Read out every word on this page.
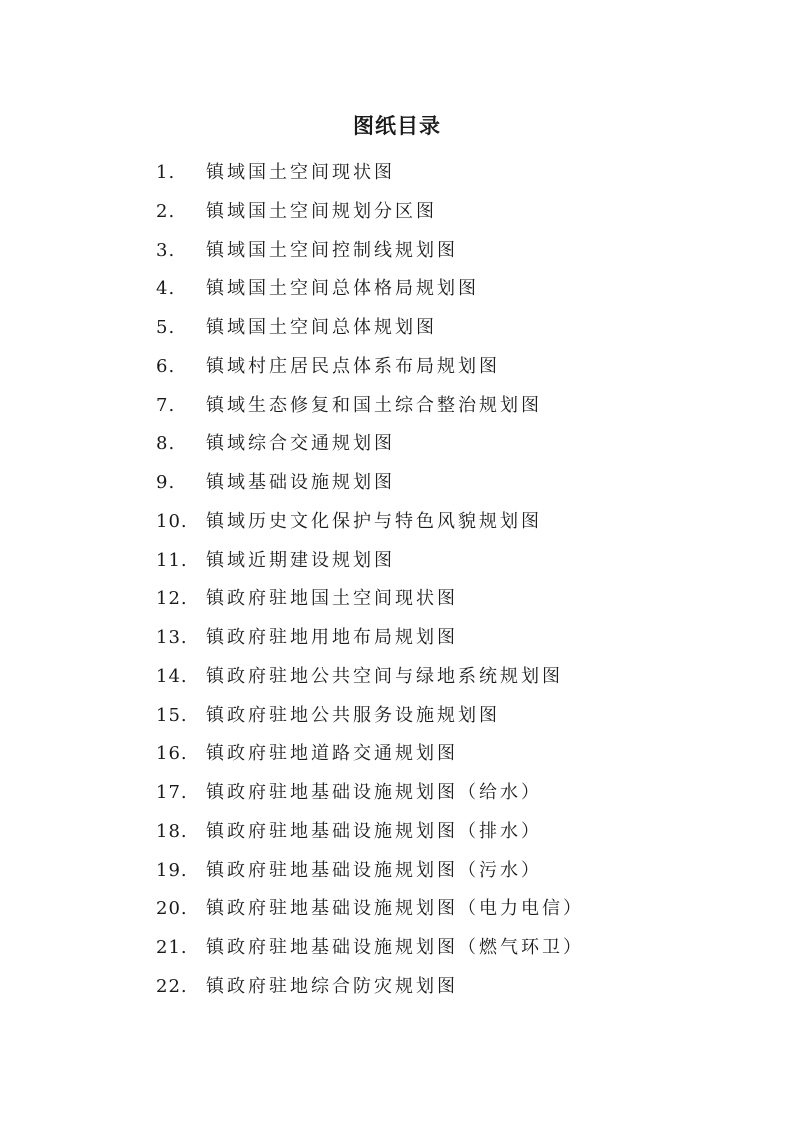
图纸目录
1.	镇域国土空间现状图
2.	镇域国土空间规划分区图
3.	镇域国土空间控制线规划图
4.	镇域国土空间总体格局规划图
5.	镇域国土空间总体规划图
6.	镇域村庄居民点体系布局规划图
7.	镇域生态修复和国土综合整治规划图
8.	镇域综合交通规划图
9.	镇域基础设施规划图
10.	镇域历史文化保护与特色风貌规划图
11.	镇域近期建设规划图
12.	镇政府驻地国土空间现状图
13.	镇政府驻地用地布局规划图
14.	镇政府驻地公共空间与绿地系统规划图
15.	镇政府驻地公共服务设施规划图
16.	镇政府驻地道路交通规划图
17.	镇政府驻地基础设施规划图（给水）
18.	镇政府驻地基础设施规划图（排水）
19.	镇政府驻地基础设施规划图（污水）
20.	镇政府驻地基础设施规划图（电力电信）
21.	镇政府驻地基础设施规划图（燃气环卫）
22.	镇政府驻地综合防灾规划图
